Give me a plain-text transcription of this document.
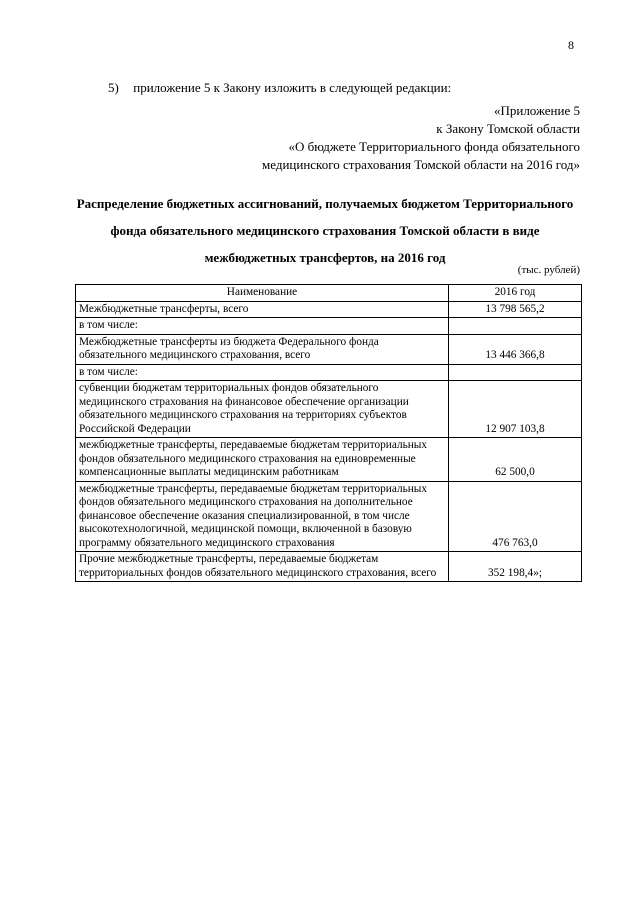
8
5) приложение 5 к Закону изложить в следующей редакции:
«Приложение 5
к Закону Томской области
«О бюджете Территориального фонда обязательного
медицинского страхования Томской области на 2016 год»
Распределение бюджетных ассигнований, получаемых бюджетом Территориального фонда обязательного медицинского страхования Томской области в виде межбюджетных трансфертов, на 2016 год
(тыс. рублей)
Наименование	2016 год
Межбюджетные трансферты, всего	13 798 565,2
в том числе:	
Межбюджетные трансферты из бюджета Федерального фонда обязательного медицинского страхования, всего	13 446 366,8
в том числе:	
субвенции бюджетам территориальных фондов обязательного медицинского страхования на финансовое обеспечение организации обязательного медицинского страхования на территориях субъектов Российской Федерации	12 907 103,8
межбюджетные трансферты, передаваемые бюджетам территориальных фондов обязательного медицинского страхования на единовременные компенсационные выплаты медицинским работникам	62 500,0
межбюджетные трансферты, передаваемые бюджетам территориальных фондов обязательного медицинского страхования на дополнительное финансовое обеспечение оказания специализированной, в том числе высокотехнологичной, медицинской помощи, включенной в базовую программу обязательного медицинского страхования	476 763,0
Прочие межбюджетные трансферты, передаваемые бюджетам территориальных фондов обязательного медицинского страхования, всего	352 198,4»;
